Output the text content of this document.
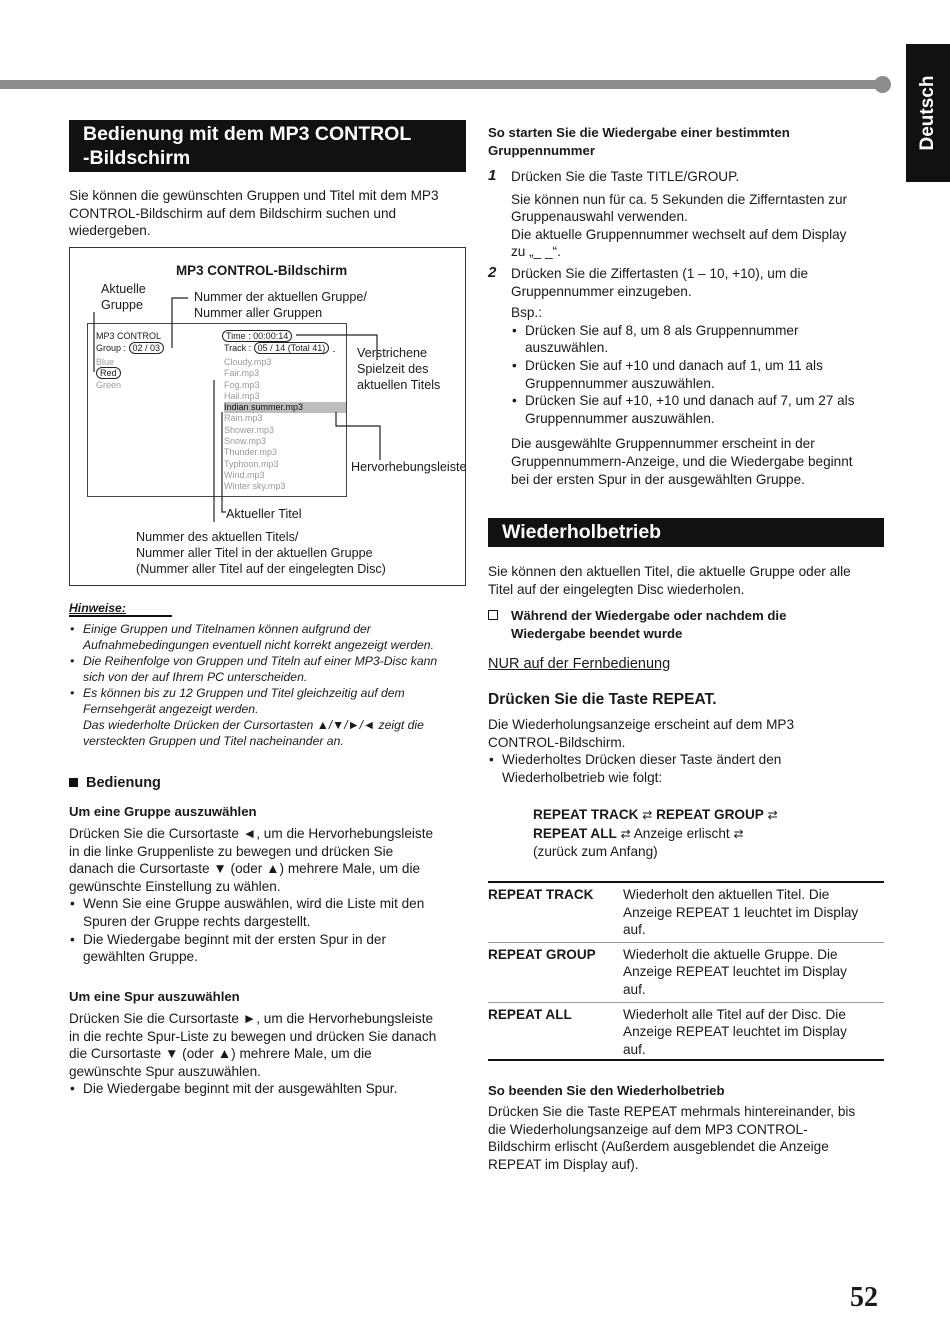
Deutsch
Bedienung mit dem MP3 CONTROL
-Bildschirm
Sie können die gewünschten Gruppen und Titel mit dem MP3
CONTROL-Bildschirm auf dem Bildschirm suchen und
wiedergeben.
MP3 CONTROL-Bildschirm
Aktuelle
Gruppe
Nummer der aktuellen Gruppe/
Nummer aller Gruppen
Verstrichene
Spielzeit des
aktuellen Titels
Hervorhebungsleiste
Aktueller Titel
Nummer des aktuellen Titels/
Nummer aller Titel in der aktuellen Gruppe
(Nummer aller Titel auf der eingelegten Disc)
MP3 CONTROL
Group : 02 / 03
Blue
Red
Green
Time : 00:00:14
Track : 05 / 14 (Total 41)
Cloudy.mp3
Fair.mp3
Fog.mp3
Hail.mp3
Indian summer.mp3
Rain.mp3
Shower.mp3
Snow.mp3
Thunder.mp3
Typhoon.mp3
Wind.mp3
Winter sky.mp3
Hinweise:
• Einige Gruppen und Titelnamen können aufgrund der
Aufnahmebedingungen eventuell nicht korrekt angezeigt werden.
• Die Reihenfolge von Gruppen und Titeln auf einer MP3-Disc kann
sich von der auf Ihrem PC unterscheiden.
• Es können bis zu 12 Gruppen und Titel gleichzeitig auf dem
Fernsehgerät angezeigt werden.
Das wiederholte Drücken der Cursortasten ▲/▼/►/◄ zeigt die
versteckten Gruppen und Titel nacheinander an.
Bedienung
Um eine Gruppe auszuwählen
Drücken Sie die Cursortaste ◄, um die Hervorhebungsleiste
in die linke Gruppenliste zu bewegen und drücken Sie
danach die Cursortaste ▼ (oder ▲) mehrere Male, um die
gewünschte Einstellung zu wählen.
• Wenn Sie eine Gruppe auswählen, wird die Liste mit den
Spuren der Gruppe rechts dargestellt.
• Die Wiedergabe beginnt mit der ersten Spur in der
gewählten Gruppe.
Um eine Spur auszuwählen
Drücken Sie die Cursortaste ►, um die Hervorhebungsleiste
in die rechte Spur-Liste zu bewegen und drücken Sie danach
die Cursortaste ▼ (oder ▲) mehrere Male, um die
gewünschte Spur auszuwählen.
• Die Wiedergabe beginnt mit der ausgewählten Spur.
So starten Sie die Wiedergabe einer bestimmten
Gruppennummer
1 Drücken Sie die Taste TITLE/GROUP.
Sie können nun für ca. 5 Sekunden die Zifferntasten zur
Gruppenauswahl verwenden.
Die aktuelle Gruppennummer wechselt auf dem Display
zu „_ _“.
2 Drücken Sie die Ziffertasten (1 – 10, +10), um die
Gruppennummer einzugeben.
Bsp.:
• Drücken Sie auf 8, um 8 als Gruppennummer
auszuwählen.
• Drücken Sie auf +10 und danach auf 1, um 11 als
Gruppennummer auszuwählen.
• Drücken Sie auf +10, +10 und danach auf 7, um 27 als
Gruppennummer auszuwählen.
Die ausgewählte Gruppennummer erscheint in der
Gruppennummern-Anzeige, und die Wiedergabe beginnt
bei der ersten Spur in der ausgewählten Gruppe.
Wiederholbetrieb
Sie können den aktuellen Titel, die aktuelle Gruppe oder alle
Titel auf der eingelegten Disc wiederholen.
Während der Wiedergabe oder nachdem die
Wiedergabe beendet wurde
NUR auf der Fernbedienung
Drücken Sie die Taste REPEAT.
Die Wiederholungsanzeige erscheint auf dem MP3
CONTROL-Bildschirm.
• Wiederholtes Drücken dieser Taste ändert den
Wiederholbetrieb wie folgt:
REPEAT TRACK ⇄ REPEAT GROUP ⇄
REPEAT ALL ⇄ Anzeige erlischt ⇄
(zurück zum Anfang)
REPEAT TRACK	Wiederholt den aktuellen Titel. Die
Anzeige REPEAT 1 leuchtet im Display
auf.

REPEAT GROUP	Wiederholt die aktuelle Gruppe. Die
Anzeige REPEAT leuchtet im Display
auf.

REPEAT ALL	Wiederholt alle Titel auf der Disc. Die
Anzeige REPEAT leuchtet im Display
auf.
So beenden Sie den Wiederholbetrieb
Drücken Sie die Taste REPEAT mehrmals hintereinander, bis
die Wiederholungsanzeige auf dem MP3 CONTROL-
Bildschirm erlischt (Außerdem ausgeblendet die Anzeige
REPEAT im Display auf).
52
